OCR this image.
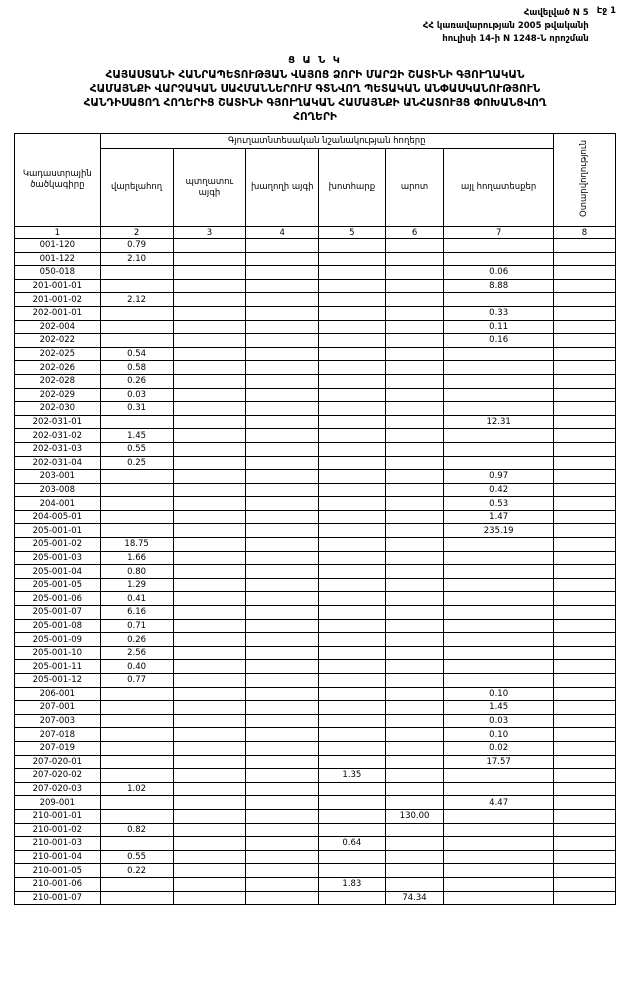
Հավելված N 5
ՀՀ կառավարության 2005 թվականի
հուլիսի 14-ի N 1248-Ն որոշման
Էջ 1
Ց Ա Ն Կ
ՀԱՅԱՍՏԱՆԻ ՀԱՆՐԱՊԵՏՈՒԹՅԱՆ ՎԱՅՈՑ ՁՈՐԻ ՄԱՐԶԻ ՇԱՏԻՆԻ ԳՅՈՒՂԱԿԱՆ
ՀԱՄԱՅՆՔԻ ՎԱՐՉԱԿԱՆ ՍԱՀՄԱՆՆԵՐՈՒՄ ԳՏՆՎՈՂ ՊԵՏԱԿԱՆ ԱՆՓԱՍԿԱՆՈՒԹՅՈՒՆ
ՀԱՆԴԻՍԱՑՈՂ ՀՈՂԵՐԻՑ ՇԱՏԻՆԻ ԳՅՈՒՂԱԿԱՆ ՀԱՄԱՅՆՔԻ ԱՆՀԱՏՈՒՅՑ ՓՈԽԱՆՑՎՈՂ
ՀՈՂԵՐԻ
Կադաստրային ծածկագիրը	Գյուղատնտեսական նշանակության հողերը						Օտարվողություն
	վարելահող	պտղատու այգի	խաղողի այգի	խոտհարք	արոտ	այլ հողատեսքեր	
1	2	3	4	5	6	7	8
001-120	0.79						
001-122	2.10						
050-018						0.06	
201-001-01						8.88	
201-001-02	2.12						
202-001-01						0.33	
202-004						0.11	
202-022						0.16	
202-025	0.54						
202-026	0.58						
202-028	0.26						
202-029	0.03						
202-030	0.31						
202-031-01						12.31	
202-031-02	1.45						
202-031-03	0.55						
202-031-04	0.25						
203-001						0.97	
203-008						0.42	
204-001						0.53	
204-005-01						1.47	
205-001-01						235.19	
205-001-02	18.75						
205-001-03	1.66						
205-001-04	0.80						
205-001-05	1.29						
205-001-06	0.41						
205-001-07	6.16						
205-001-08	0.71						
205-001-09	0.26						
205-001-10	2.56						
205-001-11	0.40						
205-001-12	0.77						
206-001						0.10	
207-001						1.45	
207-003						0.03	
207-018						0.10	
207-019						0.02	
207-020-01						17.57	
207-020-02				1.35			
207-020-03	1.02						
209-001						4.47	
210-001-01					130.00		
210-001-02	0.82						
210-001-03				0.64			
210-001-04	0.55						
210-001-05	0.22						
210-001-06				1.83			
210-001-07					74.34		
